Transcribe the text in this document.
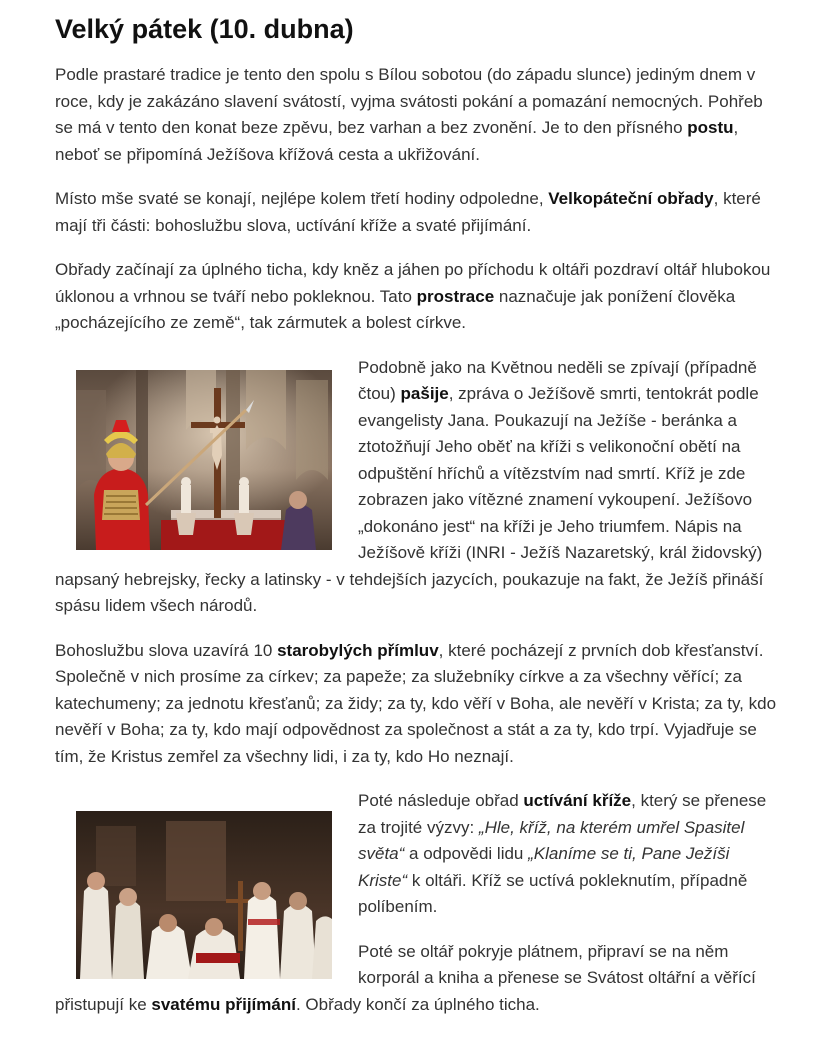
Velký pátek (10. dubna)

Podle prastaré tradice je tento den spolu s Bílou sobotou (do západu slunce) jediným dnem v roce, kdy je zakázáno slavení svátostí, vyjma svátosti pokání a pomazání nemocných. Pohřeb se má v tento den konat beze zpěvu, bez varhan a bez zvonění. Je to den přísného postu, neboť se připomíná Ježíšova křížová cesta a ukřižování.

Místo mše svaté se konají, nejlépe kolem třetí hodiny odpoledne, Velkopáteční obřady, které mají tři části: bohoslužbu slova, uctívání kříže a svaté přijímání.

Obřady začínají za úplného ticha, kdy kněz a jáhen po příchodu k oltáři pozdraví oltář hlubokou úklonou a vrhnou se tváří nebo pokleknou. Tato prostrace naznačuje jak ponížení člověka „pocházejícího ze země“, tak zármutek a bolest církve.

Podobně jako na Květnou neděli se zpívají (případně čtou) pašije, zpráva o Ježíšově smrti, tentokrát podle evangelisty Jana. Poukazují na Ježíše - beránka a ztotožňují Jeho oběť na kříži s velikonoční obětí na odpuštění hříchů a vítězstvím nad smrtí. Kříž je zde zobrazen jako vítězné znamení vykoupení. Ježíšovo „dokonáno jest“ na kříži je Jeho triumfem. Nápis na Ježíšově kříži (INRI - Ježíš Nazaretský, král židovský) napsaný hebrejsky, řecky a latinsky - v tehdejších jazycích, poukazuje na fakt, že Ježíš přináší spásu lidem všech národů.

Bohoslužbu slova uzavírá 10 starobylých přímluv, které pocházejí z prvních dob křesťanství. Společně v nich prosíme za církev; za papeže; za služebníky církve a za všechny věřící; za katechumeny; za jednotu křesťanů; za židy; za ty, kdo věří v Boha, ale nevěří v Krista; za ty, kdo nevěří v Boha; za ty, kdo mají odpovědnost za společnost a stát a za ty, kdo trpí. Vyjadřuje se tím, že Kristus zemřel za všechny lidi, i za ty, kdo Ho neznají.

Poté následuje obřad uctívání kříže, který se přenese za trojité výzvy: „Hle, kříž, na kterém umřel Spasitel světa“ a odpovědi lidu „Klaníme se ti, Pane Ježíši Kriste“ k oltáři. Kříž se uctívá pokleknutím, případně políbením.

Poté se oltář pokryje plátnem, připraví se na něm korporál a kniha a přenese se Svátost oltářní a věřící přistupují ke svatému přijímání. Obřady končí za úplného ticha.
